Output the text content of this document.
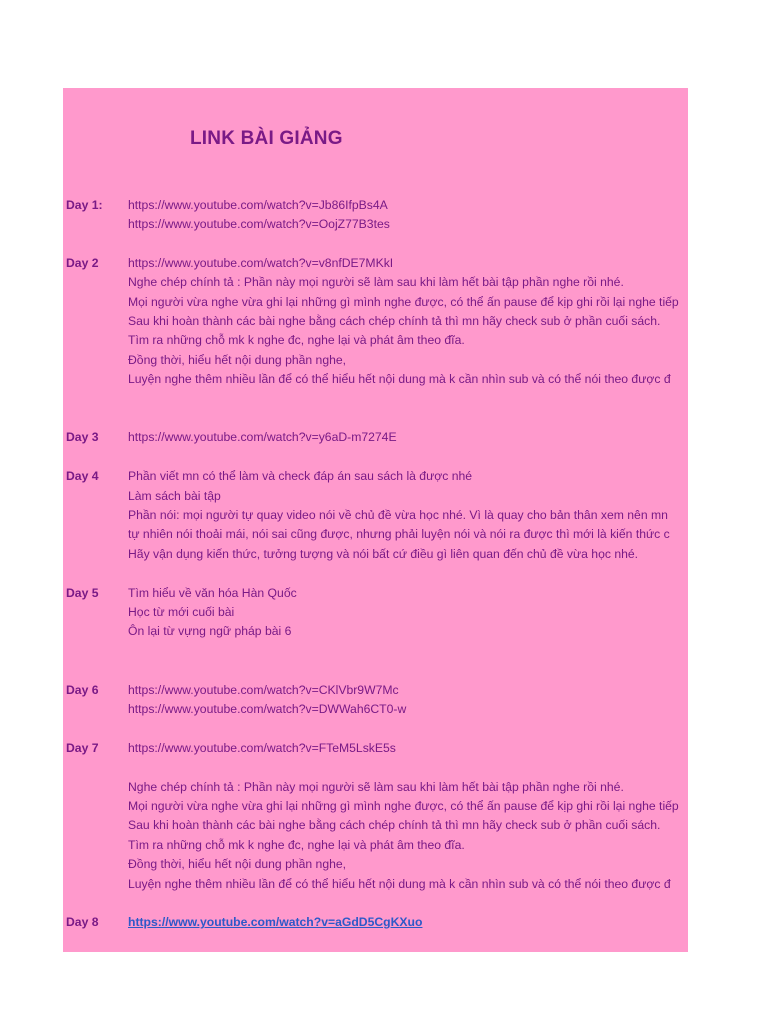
LINK BÀI GIẢNG
Day 1: https://www.youtube.com/watch?v=Jb86IfpBs4A
https://www.youtube.com/watch?v=OojZ77B3tes
Day 2 https://www.youtube.com/watch?v=v8nfDE7MKkI
Nghe chép chính tả : Phần này mọi người sẽ làm sau khi làm hết bài tập phần nghe rồi nhé.
Mọi người vừa nghe vừa ghi lại những gì mình nghe được, có thể ấn pause để kịp ghi rồi lại nghe tiếp
Sau khi hoàn thành các bài nghe bằng cách chép chính tả thì mn hãy check sub ở phần cuối sách.
Tìm ra những chỗ mk k nghe đc, nghe lại và phát âm theo đĩa.
Đồng thời, hiểu hết nội dung phần nghe,
Luyện nghe thêm nhiều lần để có thể hiểu hết nội dung mà k cần nhìn sub và có thể nói theo được đ
Day 3 https://www.youtube.com/watch?v=y6aD-m7274E
Day 4 Phần viết mn có thể làm và check đáp án sau sách là được nhé
Làm sách bài tập
Phần nói: mọi người tự quay video nói về chủ đề vừa học nhé. Vì là quay cho bản thân xem nên mn
tự nhiên nói thoải mái, nói sai cũng được, nhưng phải luyện nói và nói ra được thì mới là kiến thức c
Hãy vận dụng kiến thức, tưởng tượng và nói bất cứ điều gì liên quan đến chủ đề vừa học nhé.
Day 5 Tìm hiểu về văn hóa Hàn Quốc
Học từ mới cuối bài
Ôn lại từ vựng ngữ pháp bài 6
Day 6 https://www.youtube.com/watch?v=CKlVbr9W7Mc
https://www.youtube.com/watch?v=DWWah6CT0-w
Day 7 https://www.youtube.com/watch?v=FTeM5LskE5s
Nghe chép chính tả : Phần này mọi người sẽ làm sau khi làm hết bài tập phần nghe rồi nhé.
Mọi người vừa nghe vừa ghi lại những gì mình nghe được, có thể ấn pause để kịp ghi rồi lại nghe tiếp
Sau khi hoàn thành các bài nghe bằng cách chép chính tả thì mn hãy check sub ở phần cuối sách.
Tìm ra những chỗ mk k nghe đc, nghe lại và phát âm theo đĩa.
Đồng thời, hiểu hết nội dung phần nghe,
Luyện nghe thêm nhiều lần để có thể hiểu hết nội dung mà k cần nhìn sub và có thể nói theo được đ
Day 8 https://www.youtube.com/watch?v=aGdD5CgKXuo
